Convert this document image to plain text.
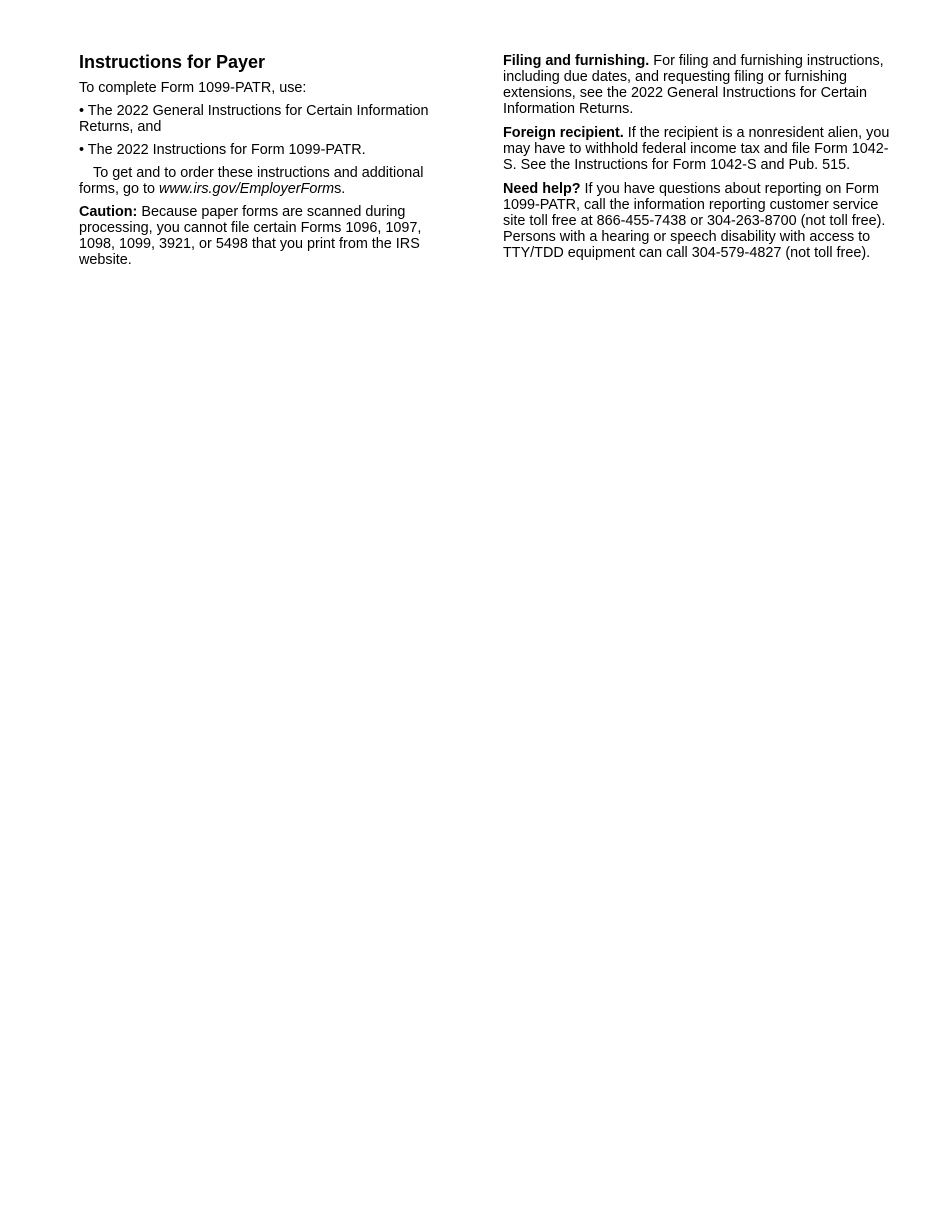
Instructions for Payer

To complete Form 1099-PATR, use:

• The 2022 General Instructions for Certain Information Returns, and

• The 2022 Instructions for Form 1099-PATR.

To get and to order these instructions and additional forms, go to www.irs.gov/EmployerForms.

Caution: Because paper forms are scanned during processing, you cannot file certain Forms 1096, 1097, 1098, 1099, 3921, or 5498 that you print from the IRS website.

Filing and furnishing. For filing and furnishing instructions, including due dates, and requesting filing or furnishing extensions, see the 2022 General Instructions for Certain Information Returns.

Foreign recipient. If the recipient is a nonresident alien, you may have to withhold federal income tax and file Form 1042-S. See the Instructions for Form 1042-S and Pub. 515.

Need help? If you have questions about reporting on Form 1099-PATR, call the information reporting customer service site toll free at 866-455-7438 or 304-263-8700 (not toll free). Persons with a hearing or speech disability with access to TTY/TDD equipment can call 304-579-4827 (not toll free).
